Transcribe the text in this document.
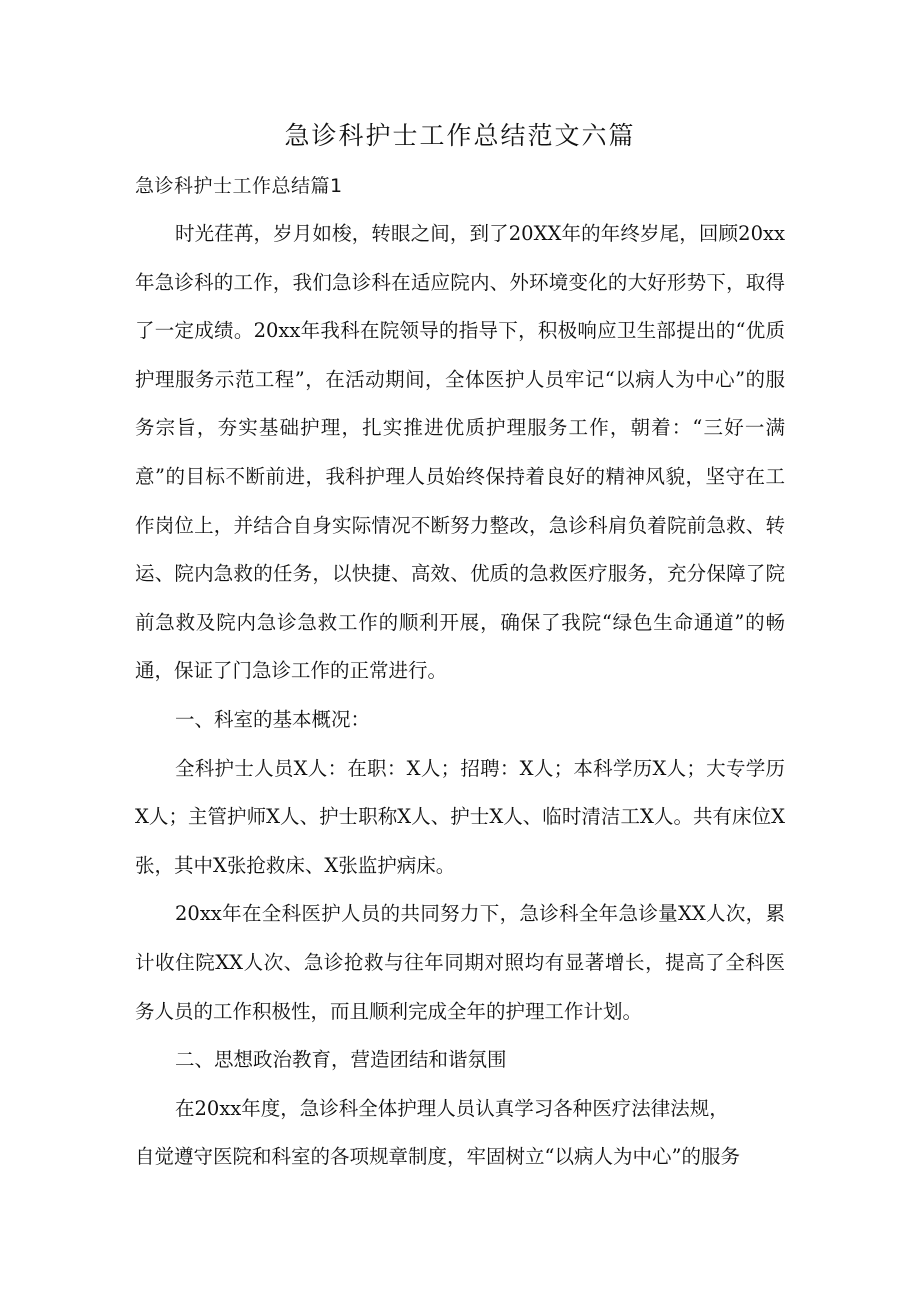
急诊科护士工作总结范文六篇
急诊科护士工作总结篇1

时光荏苒，岁月如梭，转眼之间，到了20XX年的年终岁尾，回顾20xx年急诊科的工作，我们急诊科在适应院内、外环境变化的大好形势下，取得了一定成绩。20xx年我科在院领导的指导下，积极响应卫生部提出的“优质护理服务示范工程”，在活动期间，全体医护人员牢记“以病人为中心”的服务宗旨，夯实基础护理，扎实推进优质护理服务工作，朝着：“三好一满意”的目标不断前进，我科护理人员始终保持着良好的精神风貌，坚守在工作岗位上，并结合自身实际情况不断努力整改，急诊科肩负着院前急救、转运、院内急救的任务，以快捷、高效、优质的急救医疗服务，充分保障了院前急救及院内急诊急救工作的顺利开展，确保了我院“绿色生命通道”的畅通，保证了门急诊工作的正常进行。

一、科室的基本概况：

全科护士人员X人：在职：X人；招聘：X人；本科学历X人；大专学历X人；主管护师X人、护士职称X人、护士X人、临时清洁工X人。共有床位X张，其中X张抢救床、X张监护病床。

20xx年在全科医护人员的共同努力下，急诊科全年急诊量XX人次，累计收住院XX人次、急诊抢救与往年同期对照均有显著增长，提高了全科医务人员的工作积极性，而且顺利完成全年的护理工作计划。

二、思想政治教育，营造团结和谐氛围

在20xx年度，急诊科全体护理人员认真学习各种医疗法律法规，

自觉遵守医院和科室的各项规章制度，牢固树立“以病人为中心”的服务
